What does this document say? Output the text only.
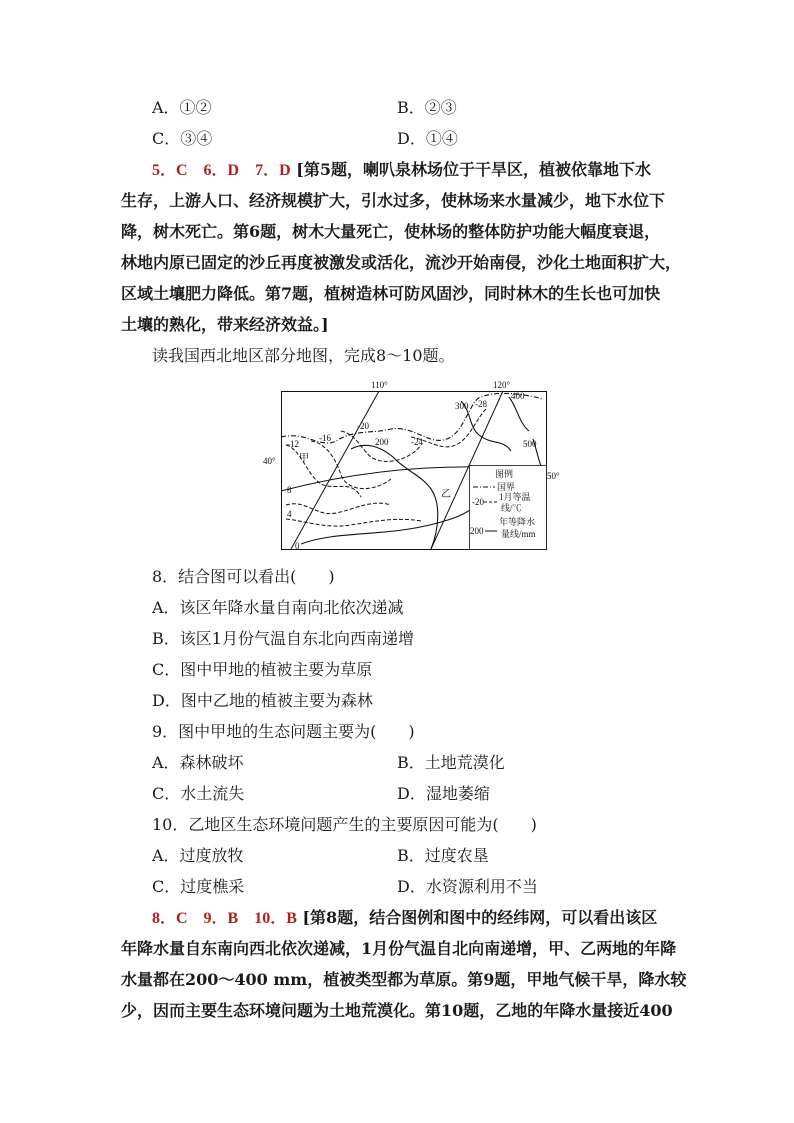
A．①②	B．②③
C．③④	D．①④
5．C　6．D　7．D [第5题，喇叭泉林场位于干旱区，植被依靠地下水
生存，上游人口、经济规模扩大，引水过多，使林场来水量减少，地下水位下
降，树木死亡。第6题，树木大量死亡，使林场的整体防护功能大幅度衰退，
林地内原已固定的沙丘再度被激发或活化，流沙开始南侵，沙化土地面积扩大，
区域土壤肥力降低。第7题，植树造林可防风固沙，同时林木的生长也可加快
土壤的熟化，带来经济效益。]
读我国西北地区部分地图，完成8～10题。
110°	120°
40°
50°
-12
-16
-20
200	-24
300 -28
400
500
8
4
0
甲
乙
图例
国界
-20 1月等温
线/℃
200
年等降水
量线/mm
8．结合图可以看出(　　)
A．该区年降水量自南向北依次递减
B．该区1月份气温自东北向西南递增
C．图中甲地的植被主要为草原
D．图中乙地的植被主要为森林
9．图中甲地的生态问题主要为(　　)
A．森林破坏	B．土地荒漠化
C．水土流失	D．湿地萎缩
10．乙地区生态环境问题产生的主要原因可能为(　　)
A．过度放牧	B．过度农垦
C．过度樵采	D．水资源利用不当
8．C　9．B　10．B [第8题，结合图例和图中的经纬网，可以看出该区
年降水量自东南向西北依次递减，1月份气温自北向南递增，甲、乙两地的年降
水量都在200～400 mm，植被类型都为草原。第9题，甲地气候干旱，降水较
少，因而主要生态环境问题为土地荒漠化。第10题，乙地的年降水量接近400
